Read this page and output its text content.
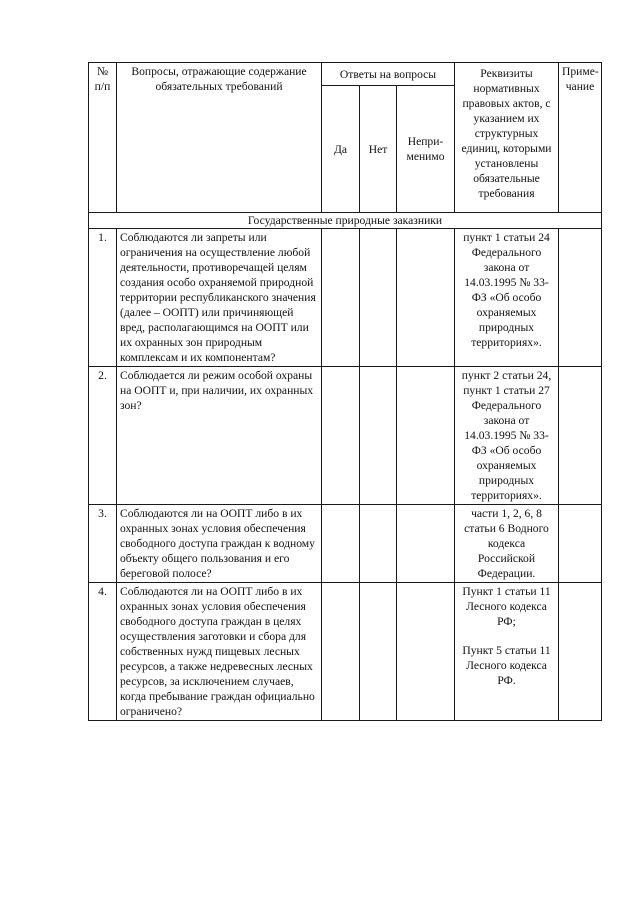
№ п/п	Вопросы, отражающие содержание обязательных требований	Ответы на вопросы			Реквизиты нормативных правовых актов, с указанием их структурных единиц, которыми установлены обязательные требования	Приме-чание
		Да	Нет	Непри-менимо		
Государственные природные заказники						
1.	Соблюдаются ли запреты или ограничения на осуществление любой деятельности, противоречащей целям создания особо охраняемой природной территории республиканского значения (далее – ООПТ) или причиняющей вред, располагающимся на ООПТ или их охранных зон природным комплексам и их компонентам?				пункт 1 статьи 24 Федерального закона от 14.03.1995 № 33-ФЗ «Об особо охраняемых природных территориях».	
2.	Соблюдается ли режим особой охраны на ООПТ и, при наличии, их охранных зон?				пункт 2 статьи 24, пункт 1 статьи 27 Федерального закона от 14.03.1995 № 33-ФЗ «Об особо охраняемых природных территориях».	
3.	Соблюдаются ли на ООПТ либо в их охранных зонах условия обеспечения свободного доступа граждан к водному объекту общего пользования и его береговой полосе?				части 1, 2, 6, 8 статьи 6 Водного кодекса Российской Федерации.	
4.	Соблюдаются ли на ООПТ либо в их охранных зонах условия обеспечения свободного доступа граждан в целях осуществления заготовки и сбора для собственных нужд пищевых лесных ресурсов, а также недревесных лесных ресурсов, за исключением случаев, когда пребывание граждан официально ограничено?				Пункт 1 статьи 11 Лесного кодекса РФ;
Пункт 5 статьи 11 Лесного кодекса РФ.	
